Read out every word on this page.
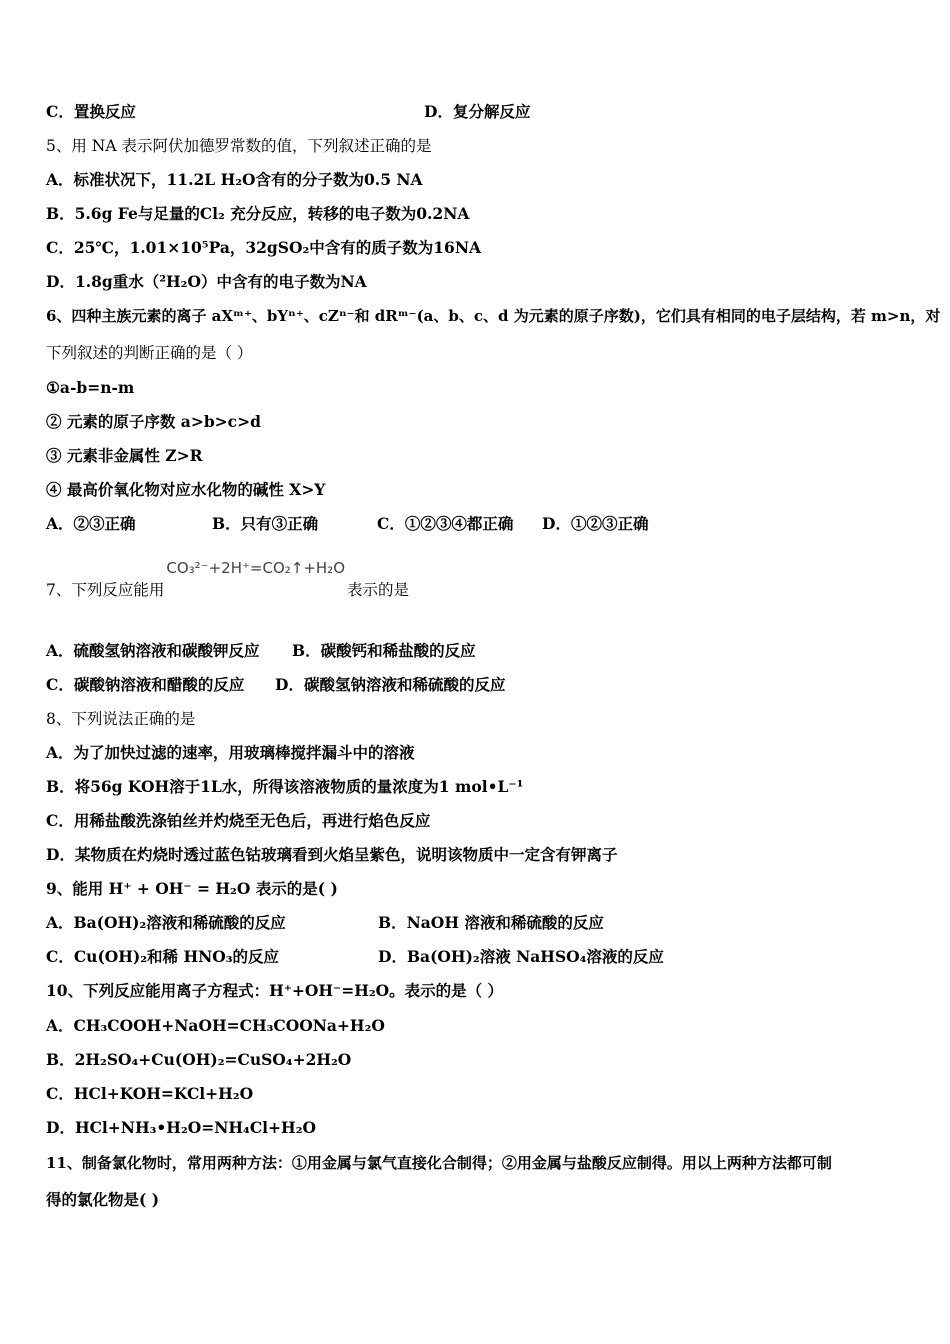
C．置换反应	D．复分解反应
5、用 NA 表示阿伏加德罗常数的值，下列叙述正确的是
A．标准状况下，11.2L H₂O含有的分子数为0.5 NA
B．5.6g Fe与足量的Cl₂ 充分反应，转移的电子数为0.2NA
C．25℃，1.01×10⁵Pa，32gSO₂中含有的质子数为16NA
D．1.8g重水（²H₂O）中含有的电子数为NA
6、四种主族元素的离子 aXᵐ⁺、bYⁿ⁺、cZⁿ⁻和 dRᵐ⁻(a、b、c、d 为元素的原子序数)，它们具有相同的电子层结构，若 m>n，对
下列叙述的判断正确的是（ ）
①a-b=n-m
② 元素的原子序数 a>b>c>d
③ 元素非金属性 Z>R
④ 最高价氧化物对应水化物的碱性 X>Y
A．②③正确	B．只有③正确	C．①②③④都正确 D．①②③正确
7、下列反应能用CO₃²⁻+2H⁺=CO₂↑+H₂O表示的是
A．硫酸氢钠溶液和碳酸钾反应 B．碳酸钙和稀盐酸的反应
C．碳酸钠溶液和醋酸的反应 D．碳酸氢钠溶液和稀硫酸的反应
8、下列说法正确的是
A．为了加快过滤的速率，用玻璃棒搅拌漏斗中的溶液
B．将56g KOH溶于1L水，所得该溶液物质的量浓度为1 mol•L⁻¹
C．用稀盐酸洗涤铂丝并灼烧至无色后，再进行焰色反应
D．某物质在灼烧时透过蓝色钴玻璃看到火焰呈紫色，说明该物质中一定含有钾离子
9、能用 H⁺ + OH⁻ = H₂O 表示的是( )
A．Ba(OH)₂溶液和稀硫酸的反应	B．NaOH 溶液和稀硫酸的反应
C．Cu(OH)₂和稀 HNO₃的反应	D．Ba(OH)₂溶液 NaHSO₄溶液的反应
10、下列反应能用离子方程式：H⁺+OH⁻=H₂O。表示的是（ ）
A．CH₃COOH+NaOH=CH₃COONa+H₂O
B．2H₂SO₄+Cu(OH)₂=CuSO₄+2H₂O
C．HCl+KOH=KCl+H₂O
D．HCl+NH₃•H₂O=NH₄Cl+H₂O
11、制备氯化物时，常用两种方法：①用金属与氯气直接化合制得；②用金属与盐酸反应制得。用以上两种方法都可制
得的氯化物是( )
